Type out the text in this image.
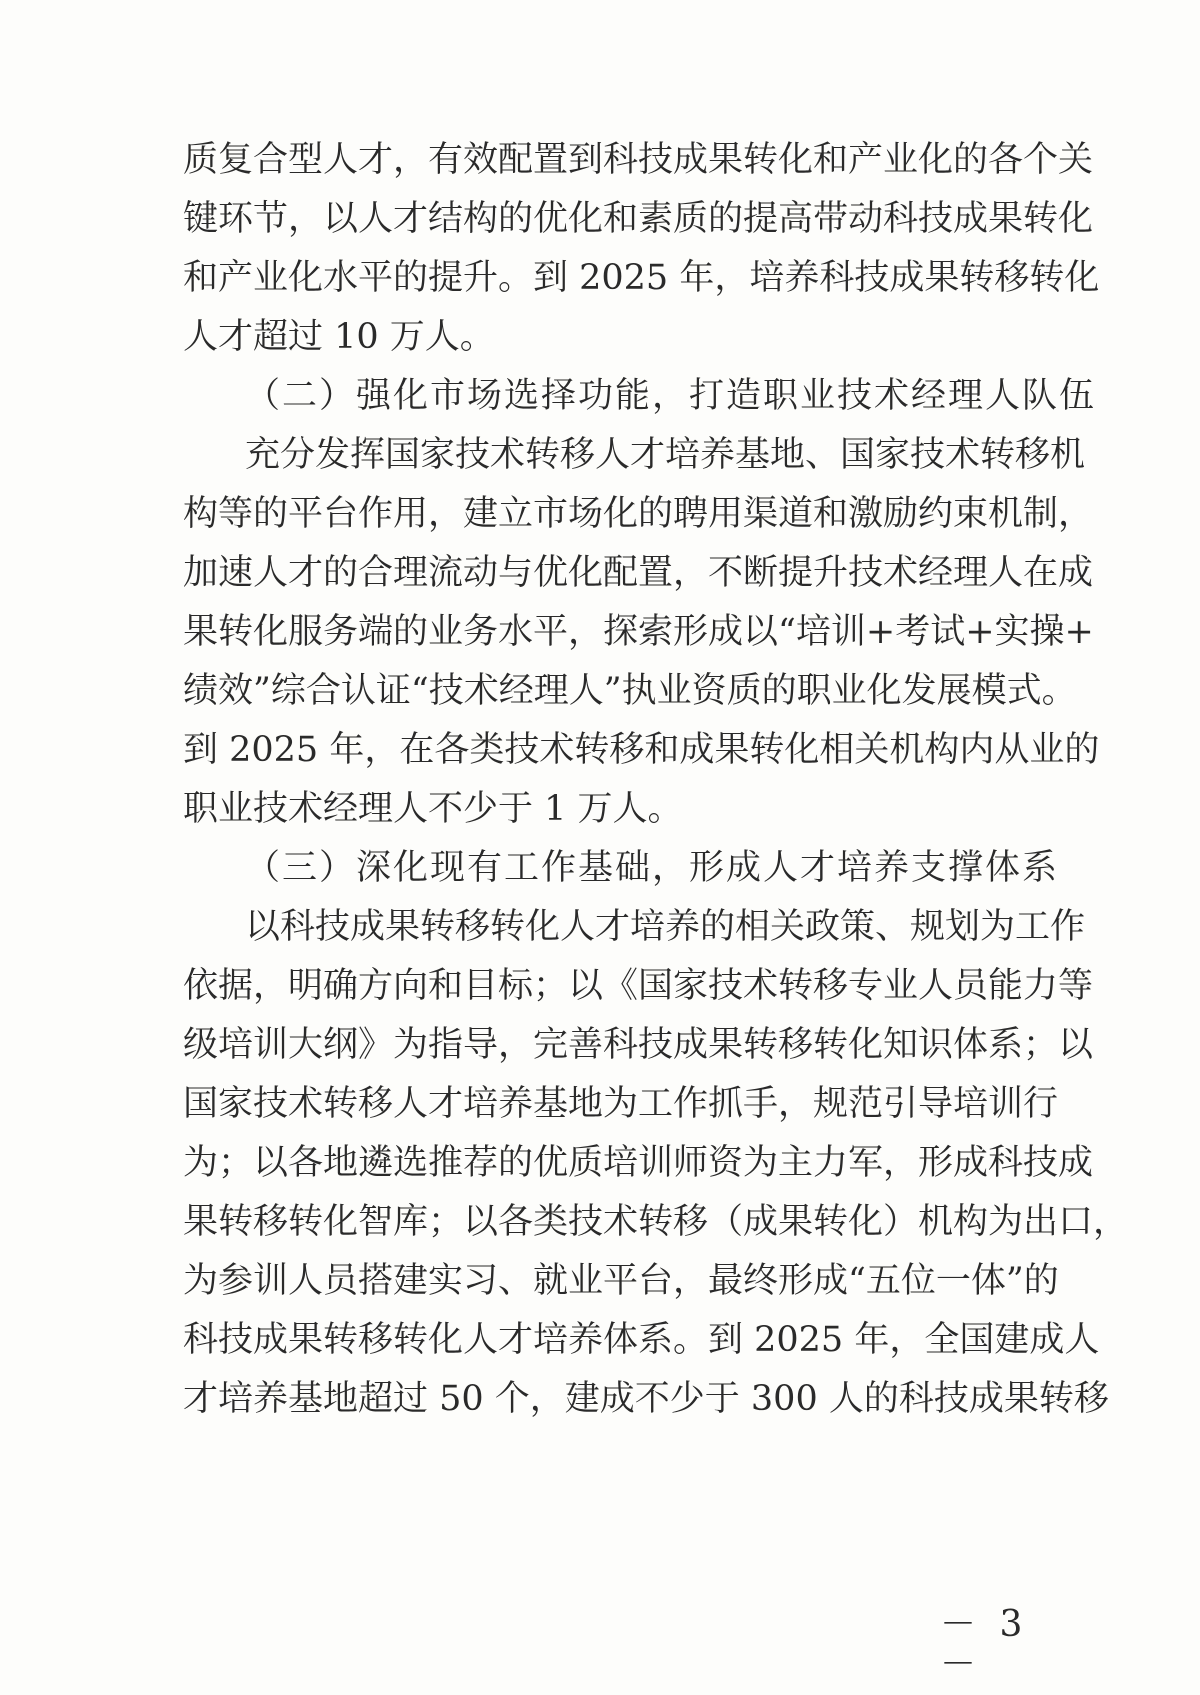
质复合型人才，有效配置到科技成果转化和产业化的各个关
键环节，以人才结构的优化和素质的提高带动科技成果转化
和产业化水平的提升。到 2025 年，培养科技成果转移转化
人才超过 10 万人。
（二）强化市场选择功能，打造职业技术经理人队伍
充分发挥国家技术转移人才培养基地、国家技术转移机
构等的平台作用，建立市场化的聘用渠道和激励约束机制，
加速人才的合理流动与优化配置，不断提升技术经理人在成
果转化服务端的业务水平，探索形成以“培训+考试+实操+
绩效”综合认证“技术经理人”执业资质的职业化发展模式。
到 2025 年，在各类技术转移和成果转化相关机构内从业的
职业技术经理人不少于 1 万人。
（三）深化现有工作基础，形成人才培养支撑体系
以科技成果转移转化人才培养的相关政策、规划为工作
依据，明确方向和目标；以《国家技术转移专业人员能力等
级培训大纲》为指导，完善科技成果转移转化知识体系；以
国家技术转移人才培养基地为工作抓手，规范引导培训行
为；以各地遴选推荐的优质培训师资为主力军，形成科技成
果转移转化智库；以各类技术转移（成果转化）机构为出口，
为参训人员搭建实习、就业平台，最终形成“五位一体”的
科技成果转移转化人才培养体系。到 2025 年，全国建成人
才培养基地超过 50 个，建成不少于 300 人的科技成果转移
－ 3 －
